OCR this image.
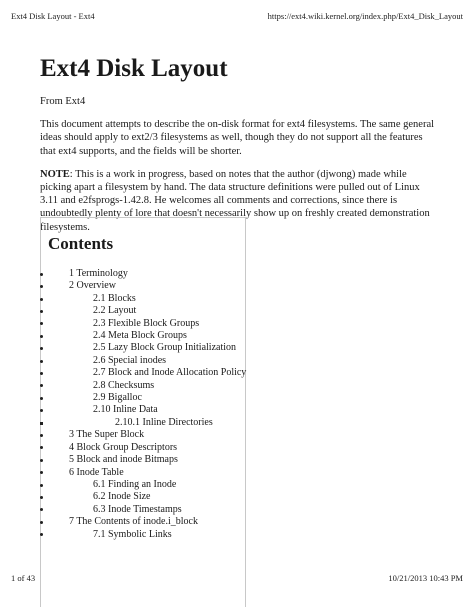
Ext4 Disk Layout - Ext4	https://ext4.wiki.kernel.org/index.php/Ext4_Disk_Layout
Ext4 Disk Layout

From Ext4

This document attempts to describe the on-disk format for ext4 filesystems. The same general ideas should apply to ext2/3 filesystems as well, though they do not support all the features that ext4 supports, and the fields will be shorter.

NOTE: This is a work in progress, based on notes that the author (djwong) made while picking apart a filesystem by hand. The data structure definitions were pulled out of Linux 3.11 and e2fsprogs-1.42.8. He welcomes all comments and corrections, since there is undoubtedly plenty of lore that doesn't necessarily show up on freshly created demonstration filesystems.

Contents
1 Terminology
2 Overview
2.1 Blocks
2.2 Layout
2.3 Flexible Block Groups
2.4 Meta Block Groups
2.5 Lazy Block Group Initialization
2.6 Special inodes
2.7 Block and Inode Allocation Policy
2.8 Checksums
2.9 Bigalloc
2.10 Inline Data
2.10.1 Inline Directories
3 The Super Block
4 Block Group Descriptors
5 Block and inode Bitmaps
6 Inode Table
6.1 Finding an Inode
6.2 Inode Size
6.3 Inode Timestamps
7 The Contents of inode.i_block
7.1 Symbolic Links
1 of 43	10/21/2013 10:43 PM
